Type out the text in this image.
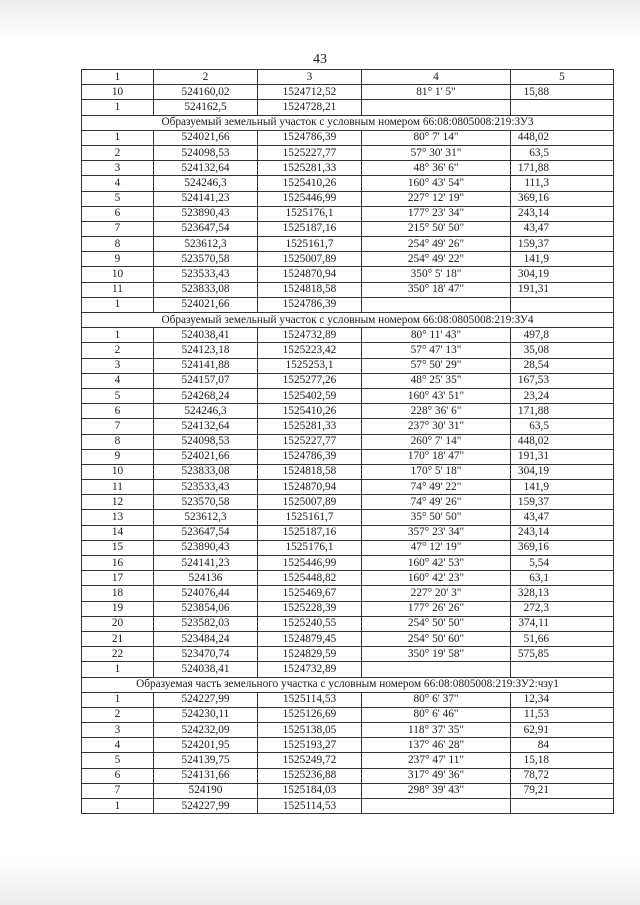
43
1	2	3	4	5
10	524160,02	1524712,52	81° 1' 5"	15,88
1	524162,5	1524728,21		
Образуемый земельный участок с условным номером 66:08:0805008:219:ЗУ3				
1	524021,66	1524786,39	80° 7' 14"	448,02
2	524098,53	1525227,77	57° 30' 31"	63,5
3	524132,64	1525281,33	48° 36' 6"	171,88
4	524246,3	1525410,26	160° 43' 54"	111,3
5	524141,23	1525446,99	227° 12' 19"	369,16
6	523890,43	1525176,1	177° 23' 34"	243,14
7	523647,54	1525187,16	215° 50' 50"	43,47
8	523612,3	1525161,7	254° 49' 26"	159,37
9	523570,58	1525007,89	254° 49' 22"	141,9
10	523533,43	1524870,94	350° 5' 18"	304,19
11	523833,08	1524818,58	350° 18' 47"	191,31
1	524021,66	1524786,39		
Образуемый земельный участок с условным номером 66:08:0805008:219:ЗУ4				
1	524038,41	1524732,89	80° 11' 43"	497,8
2	524123,18	1525223,42	57° 47' 13"	35,08
3	524141,88	1525253,1	57° 50' 29"	28,54
4	524157,07	1525277,26	48° 25' 35"	167,53
5	524268,24	1525402,59	160° 43' 51"	23,24
6	524246,3	1525410,26	228° 36' 6"	171,88
7	524132,64	1525281,33	237° 30' 31"	63,5
8	524098,53	1525227,77	260° 7' 14"	448,02
9	524021,66	1524786,39	170° 18' 47"	191,31
10	523833,08	1524818,58	170° 5' 18"	304,19
11	523533,43	1524870,94	74° 49' 22"	141,9
12	523570,58	1525007,89	74° 49' 26"	159,37
13	523612,3	1525161,7	35° 50' 50"	43,47
14	523647,54	1525187,16	357° 23' 34"	243,14
15	523890,43	1525176,1	47° 12' 19"	369,16
16	524141,23	1525446,99	160° 42' 53"	5,54
17	524136	1525448,82	160° 42' 23"	63,1
18	524076,44	1525469,67	227° 20' 3"	328,13
19	523854,06	1525228,39	177° 26' 26"	272,3
20	523582,03	1525240,55	254° 50' 50"	374,11
21	523484,24	1524879,45	254° 50' 60"	51,66
22	523470,74	1524829,59	350° 19' 58"	575,85
1	524038,41	1524732,89		
Образуемая часть земельного участка с условным номером 66:08:0805008:219:ЗУ2:чзу1				
1	524227,99	1525114,53	80° 6' 37"	12,34
2	524230,11	1525126,69	80° 6' 46"	11,53
3	524232,09	1525138,05	118° 37' 35"	62,91
4	524201,95	1525193,27	137° 46' 28"	84
5	524139,75	1525249,72	237° 47' 11"	15,18
6	524131,66	1525236,88	317° 49' 36"	78,72
7	524190	1525184,03	298° 39' 43"	79,21
1	524227,99	1525114,53		
